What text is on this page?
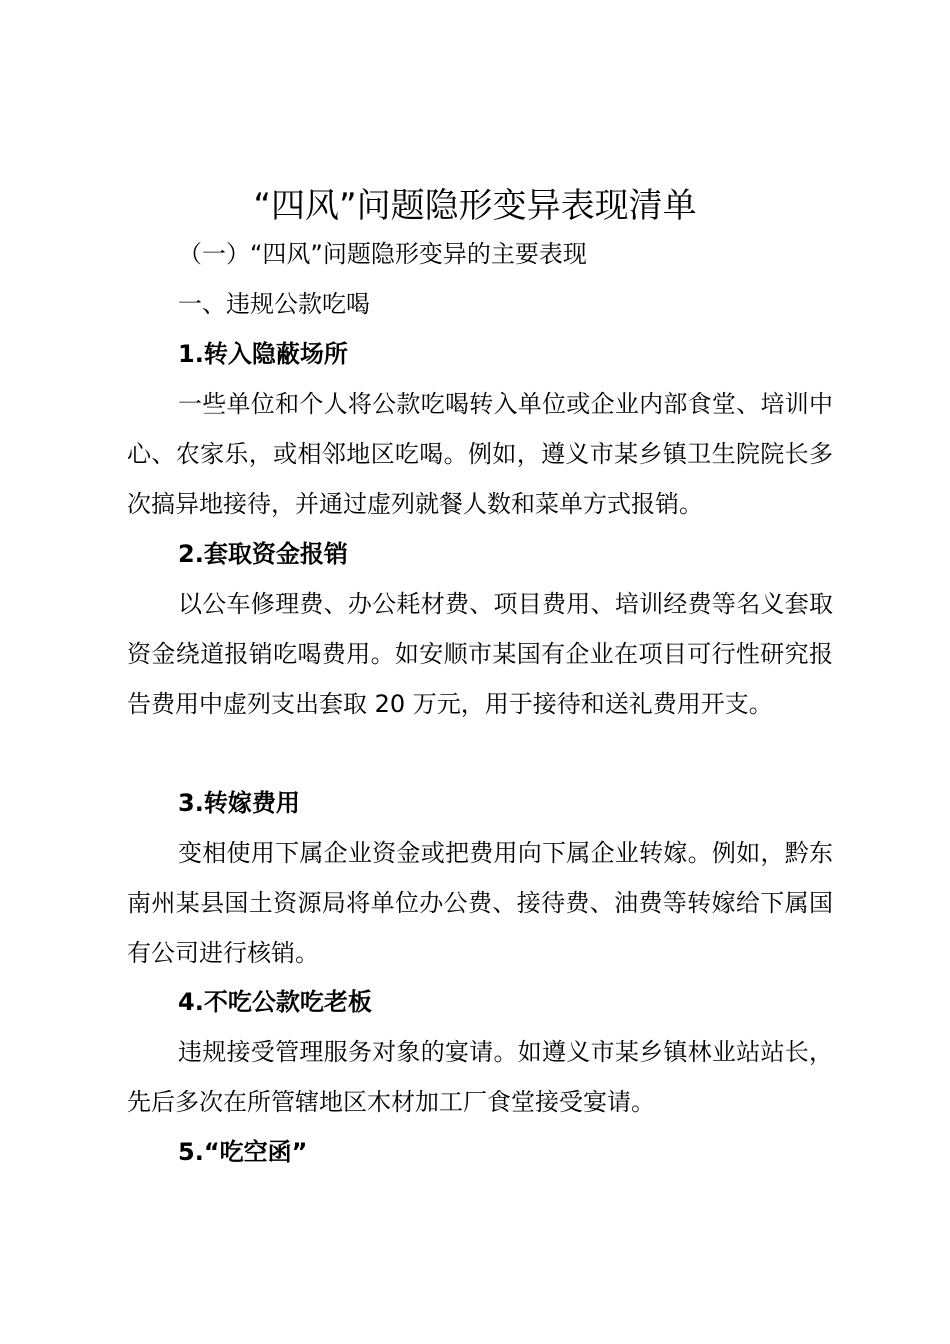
“四风”问题隐形变异表现清单

（一）“四风”问题隐形变异的主要表现

一、违规公款吃喝

1.转入隐蔽场所

一些单位和个人将公款吃喝转入单位或企业内部食堂、培训中心、农家乐，或相邻地区吃喝。例如，遵义市某乡镇卫生院院长多次搞异地接待，并通过虚列就餐人数和菜单方式报销。

2.套取资金报销

以公车修理费、办公耗材费、项目费用、培训经费等名义套取资金绕道报销吃喝费用。如安顺市某国有企业在项目可行性研究报告费用中虚列支出套取 20 万元，用于接待和送礼费用开支。

3.转嫁费用

变相使用下属企业资金或把费用向下属企业转嫁。例如，黔东南州某县国土资源局将单位办公费、接待费、油费等转嫁给下属国有公司进行核销。

4.不吃公款吃老板

违规接受管理服务对象的宴请。如遵义市某乡镇林业站站长，先后多次在所管辖地区木材加工厂食堂接受宴请。

5.“吃空函”
